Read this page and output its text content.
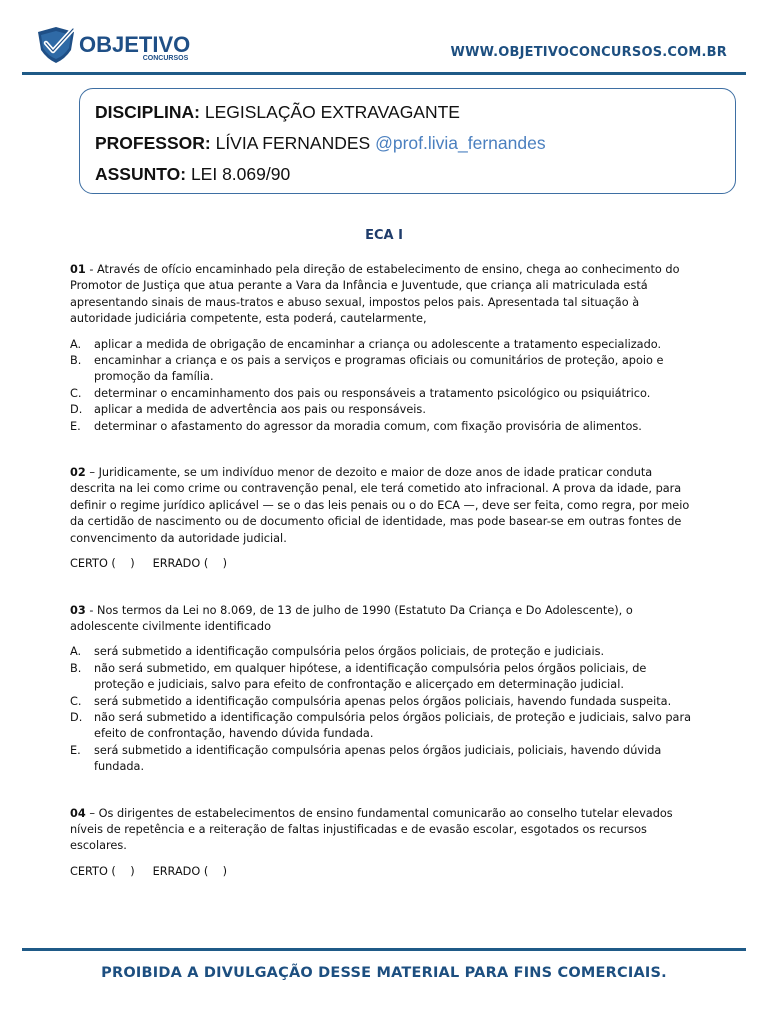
OBJETIVO
CONCURSOS	WWW.OBJETIVOCONCURSOS.COM.BR
DISCIPLINA: LEGISLAÇÃO EXTRAVAGANTE
PROFESSOR: LÍVIA FERNANDES @prof.livia_fernandes
ASSUNTO: LEI 8.069/90
ECA I

01 - Através de ofício encaminhado pela direção de estabelecimento de ensino, chega ao conhecimento do Promotor de Justiça que atua perante a Vara da Infância e Juventude, que criança ali matriculada está apresentando sinais de maus-tratos e abuso sexual, impostos pelos pais. Apresentada tal situação à autoridade judiciária competente, esta poderá, cautelarmente,

A.	aplicar a medida de obrigação de encaminhar a criança ou adolescente a tratamento especializado.
B.	encaminhar a criança e os pais a serviços e programas oficiais ou comunitários de proteção, apoio e promoção da família.
C.	determinar o encaminhamento dos pais ou responsáveis a tratamento psicológico ou psiquiátrico.
D.	aplicar a medida de advertência aos pais ou responsáveis.
E.	determinar o afastamento do agressor da moradia comum, com fixação provisória de alimentos.

02 – Juridicamente, se um indivíduo menor de dezoito e maior de doze anos de idade praticar conduta descrita na lei como crime ou contravenção penal, ele terá cometido ato infracional. A prova da idade, para definir o regime jurídico aplicável — se o das leis penais ou o do ECA —, deve ser feita, como regra, por meio da certidão de nascimento ou de documento oficial de identidade, mas pode basear-se em outras fontes de convencimento da autoridade judicial.

CERTO (    )     ERRADO (    )

03 - Nos termos da Lei no 8.069, de 13 de julho de 1990 (Estatuto Da Criança e Do Adolescente), o adolescente civilmente identificado

A.	será submetido a identificação compulsória pelos órgãos policiais, de proteção e judiciais.
B.	não será submetido, em qualquer hipótese, a identificação compulsória pelos órgãos policiais, de proteção e judiciais, salvo para efeito de confrontação e alicerçado em determinação judicial.
C.	será submetido a identificação compulsória apenas pelos órgãos policiais, havendo fundada suspeita.
D.	não será submetido a identificação compulsória pelos órgãos policiais, de proteção e judiciais, salvo para efeito de confrontação, havendo dúvida fundada.
E.	será submetido a identificação compulsória apenas pelos órgãos judiciais, policiais, havendo dúvida fundada.

04 – Os dirigentes de estabelecimentos de ensino fundamental comunicarão ao conselho tutelar elevados níveis de repetência e a reiteração de faltas injustificadas e de evasão escolar, esgotados os recursos escolares.

CERTO (    )     ERRADO (    )
PROIBIDA A DIVULGAÇÃO DESSE MATERIAL PARA FINS COMERCIAIS.
